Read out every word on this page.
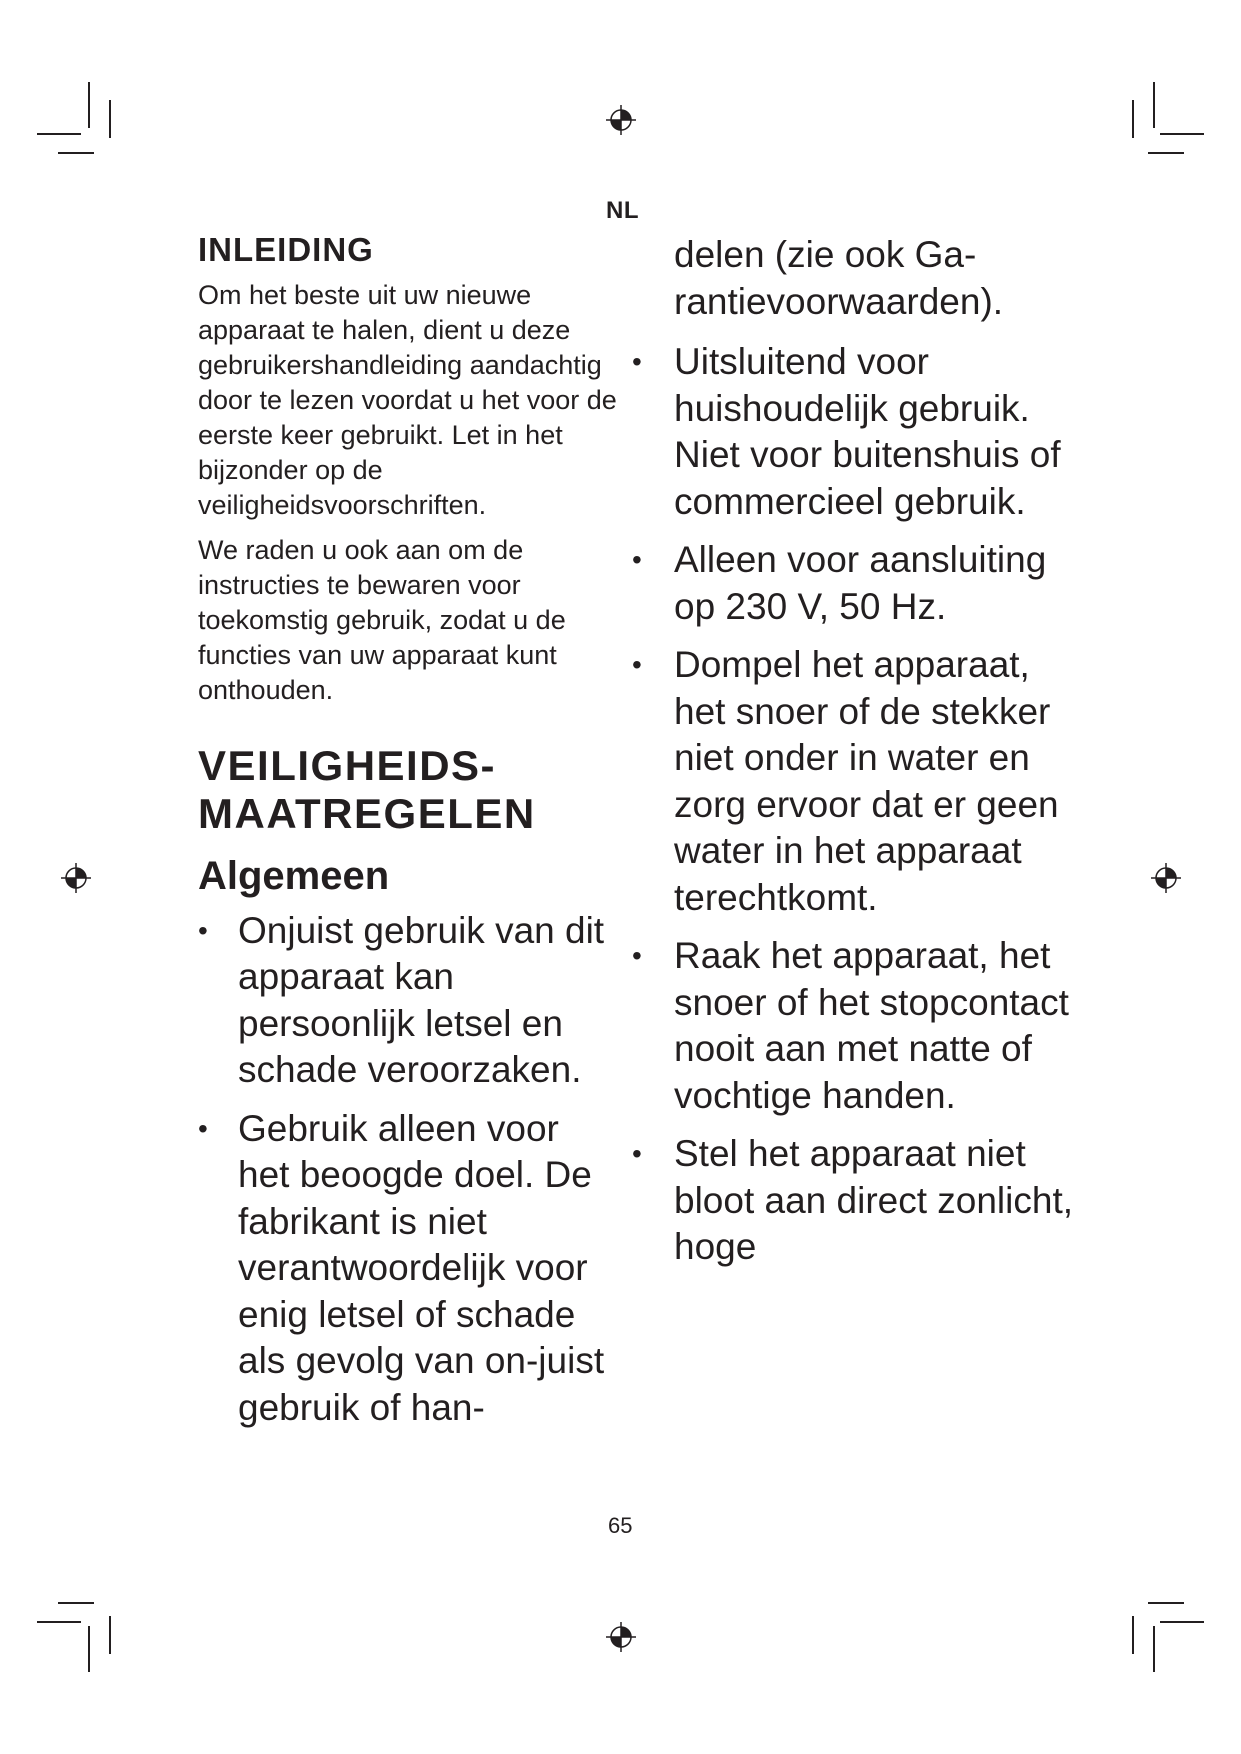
NL
INLEIDING

Om het beste uit uw nieuwe apparaat te halen, dient u deze gebruikershandleiding aandachtig door te lezen voordat u het voor de eerste keer gebruikt. Let in het bijzonder op de veiligheidsvoorschriften.

We raden u ook aan om de instructies te bewaren voor toekomstig gebruik, zodat u de functies van uw apparaat kunt onthouden.

VEILIGHEIDS-
MAATREGELEN
Algemeen
• Onjuist gebruik van dit apparaat kan persoonlijk letsel en schade veroorzaken.
• Gebruik alleen voor het beoogde doel. De fabrikant is niet verantwoordelijk voor enig letsel of schade als gevolg van on-juist gebruik of han-

delen (zie ook Ga-rantievoorwaarden).

• Uitsluitend voor huishoudelijk gebruik. Niet voor buitenshuis of commercieel gebruik.
• Alleen voor aansluiting op 230 V, 50 Hz.
• Dompel het apparaat, het snoer of de stekker niet onder in water en zorg ervoor dat er geen water in het apparaat terechtkomt.
• Raak het apparaat, het snoer of het stopcontact nooit aan met natte of vochtige handen.
• Stel het apparaat niet bloot aan direct zonlicht, hoge
65
